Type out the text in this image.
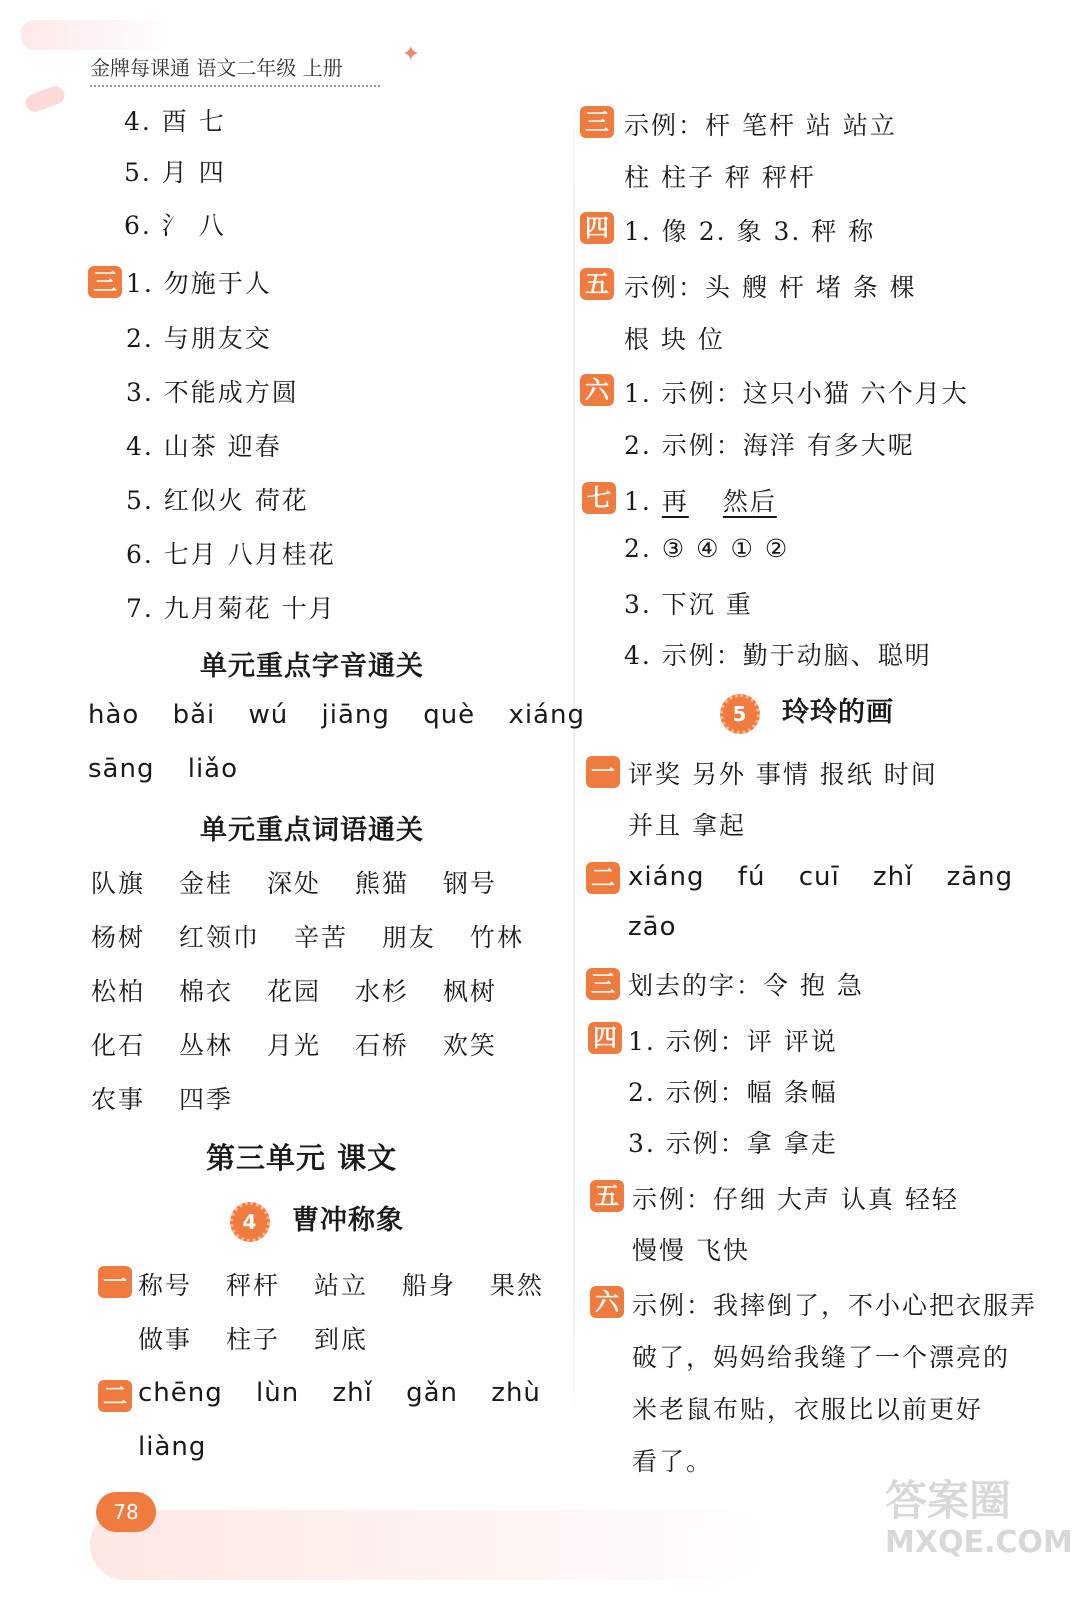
金牌每课通 语文二年级 上册
✦
4. 酉 七
5. 月 四
6. 氵 八
三 1. 勿施于人
2. 与朋友交
3. 不能成方圆
4. 山茶 迎春
5. 红似火 荷花
6. 七月 八月桂花
7. 九月菊花 十月
单元重点字音通关
hào bǎi wú jiāng què xiáng
sāng liǎo
单元重点词语通关
队旗 金桂 深处 熊猫 钢号
杨树 红领巾 辛苦 朋友 竹林
松柏 棉衣 花园 水杉 枫树
化石 丛林 月光 石桥 欢笑
农事 四季
第三单元 课文
4 曹冲称象
一 称号 秤杆 站立 船身 果然
做事 柱子 到底
二 chēng lùn zhǐ gǎn zhù
liàng
三 示例：杆 笔杆 站 站立
柱 柱子 秤 秤杆
四 1. 像 2. 象 3. 秤 称
五 示例：头 艘 杆 堵 条 棵
根 块 位
六 1. 示例：这只小猫 六个月大
2. 示例：海洋 有多大呢
七 1. 再 然后
2. ③ ④ ① ②
3. 下沉 重
4. 示例：勤于动脑、聪明
5 玲玲的画
一 评奖 另外 事情 报纸 时间
并且 拿起
二 xiáng fú cuī zhǐ zāng
zāo
三 划去的字：令 抱 急
四 1. 示例：评 评说
2. 示例：幅 条幅
3. 示例：拿 拿走
五 示例：仔细 大声 认真 轻轻
慢慢 飞快
六 示例：我摔倒了，不小心把衣服弄
破了，妈妈给我缝了一个漂亮的
米老鼠布贴，衣服比以前更好
看了。
78	答案圈
MXQE.COM
